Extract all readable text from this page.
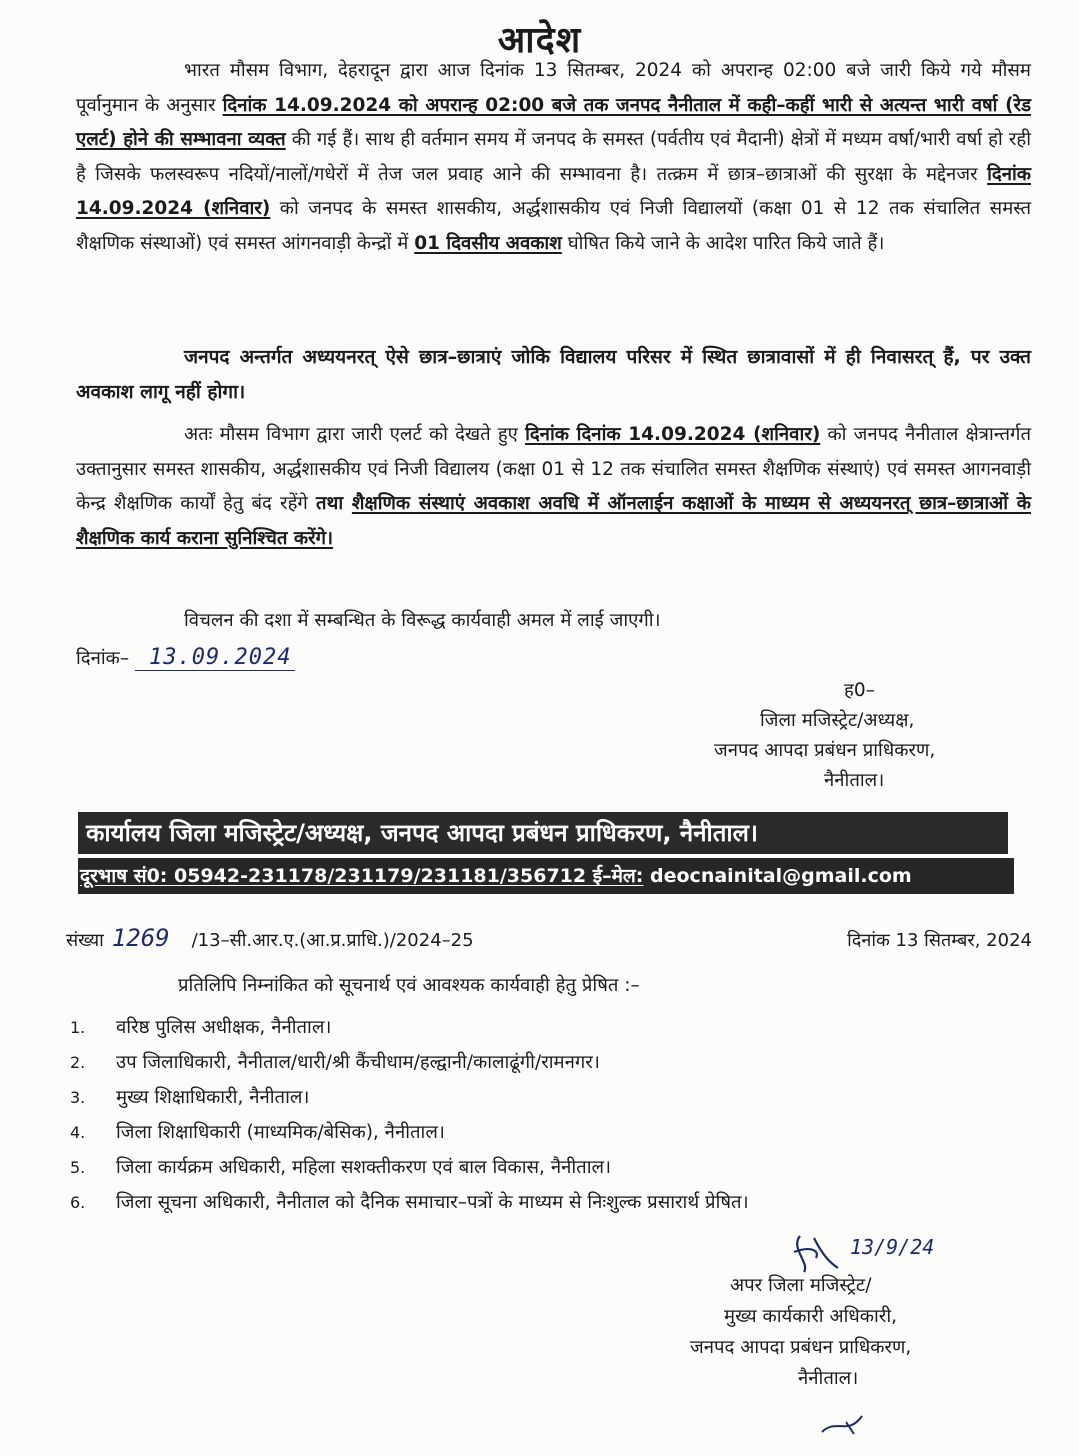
आदेश
भारत मौसम विभाग, देहरादून द्वारा आज दिनांक 13 सितम्बर, 2024 को अपरान्ह 02:00 बजे जारी किये गये मौसम पूर्वानुमान के अनुसार दिनांक 14.09.2024 को अपरान्ह 02:00 बजे तक जनपद नैनीताल में कही–कहीं भारी से अत्यन्त भारी वर्षा (रेड एलर्ट) होने की सम्भावना व्यक्त की गई हैं। साथ ही वर्तमान समय में जनपद के समस्त (पर्वतीय एवं मैदानी) क्षेत्रों में मध्यम वर्षा/भारी वर्षा हो रही है जिसके फलस्वरूप नदियों/नालों/गधेरों में तेज जल प्रवाह आने की सम्भावना है। तत्क्रम में छात्र–छात्राओं की सुरक्षा के मद्देनजर दिनांक 14.09.2024 (शनिवार) को जनपद के समस्त शासकीय, अर्द्धशासकीय एवं निजी विद्यालयों (कक्षा 01 से 12 तक संचालित समस्त शैक्षणिक संस्थाओं) एवं समस्त आंगनवाड़ी केन्द्रों में 01 दिवसीय अवकाश घोषित किये जाने के आदेश पारित किये जाते हैं।
जनपद अन्तर्गत अध्ययनरत् ऐसे छात्र–छात्राएं जोकि विद्यालय परिसर में स्थित छात्रावासों में ही निवासरत् हैं, पर उक्त अवकाश लागू नहीं होगा।
अतः मौसम विभाग द्वारा जारी एलर्ट को देखते हुए दिनांक दिनांक 14.09.2024 (शनिवार) को जनपद नैनीताल क्षेत्रान्तर्गत उक्तानुसार समस्त शासकीय, अर्द्धशासकीय एवं निजी विद्यालय (कक्षा 01 से 12 तक संचालित समस्त शैक्षणिक संस्थाएं) एवं समस्त आगनवाड़ी केन्द्र शैक्षणिक कार्यों हेतु बंद रहेंगे तथा शैक्षणिक संस्थाएं अवकाश अवधि में ऑनलाईन कक्षाओं के माध्यम से अध्ययनरत् छात्र–छात्राओं के शैक्षणिक कार्य कराना सुनिश्चित करेंगे।
विचलन की दशा में सम्बन्धित के विरूद्ध कार्यवाही अमल में लाई जाएगी।
दिनांक– 13.09.2024
ह0–
जिला मजिस्ट्रेट/अध्यक्ष,
जनपद आपदा प्रबंधन प्राधिकरण,
नैनीताल।
कार्यालय जिला मजिस्ट्रेट/अध्यक्ष, जनपद आपदा प्रबंधन प्राधिकरण, नैनीताल।
दूरभाष सं0: 05942-231178/231179/231181/356712 ई–मेल: deocnainital@gmail.com
संख्या 1269 /13–सी.आर.ए.(आ.प्र.प्राधि.)/2024–25	दिनांक 13 सितम्बर, 2024
प्रतिलिपि निम्नांकित को सूचनार्थ एवं आवश्यक कार्यवाही हेतु प्रेषित :–
1. वरिष्ठ पुलिस अधीक्षक, नैनीताल।
2. उप जिलाधिकारी, नैनीताल/धारी/श्री कैंचीधाम/हल्द्वानी/कालाढूंगी/रामनगर।
3. मुख्य शिक्षाधिकारी, नैनीताल।
4. जिला शिक्षाधिकारी (माध्यमिक/बेसिक), नैनीताल।
5. जिला कार्यक्रम अधिकारी, महिला सशक्तीकरण एवं बाल विकास, नैनीताल।
6. जिला सूचना अधिकारी, नैनीताल को दैनिक समाचार–पत्रों के माध्यम से निःशुल्क प्रसारार्थ प्रेषित।
13/9/24
अपर जिला मजिस्ट्रेट/
मुख्य कार्यकारी अधिकारी,
जनपद आपदा प्रबंधन प्राधिकरण,
नैनीताल।
